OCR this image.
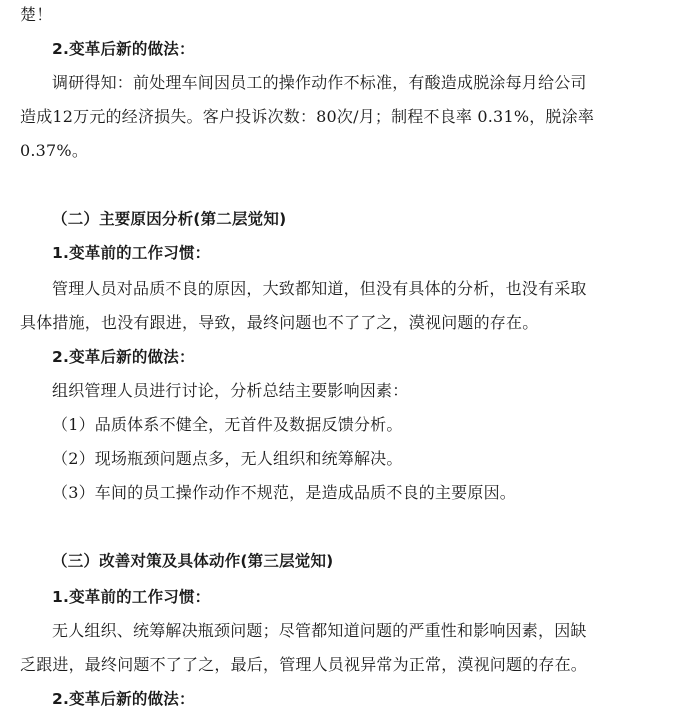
楚！
2.变革后新的做法：
调研得知：前处理车间因员工的操作动作不标准，有酸造成脱涂每月给公司
造成12万元的经济损失。客户投诉次数：80次/月；制程不良率 0.31%，脱涂率
0.37%。
（二）主要原因分析(第二层觉知)
1.变革前的工作习惯：
管理人员对品质不良的原因，大致都知道，但没有具体的分析，也没有采取
具体措施，也没有跟进，导致，最终问题也不了了之，漠视问题的存在。
2.变革后新的做法：
组织管理人员进行讨论，分析总结主要影响因素：
（1）品质体系不健全，无首件及数据反馈分析。
（2）现场瓶颈问题点多，无人组织和统筹解决。
（3）车间的员工操作动作不规范，是造成品质不良的主要原因。
（三）改善对策及具体动作(第三层觉知)
1.变革前的工作习惯：
无人组织、统筹解决瓶颈问题；尽管都知道问题的严重性和影响因素，因缺
乏跟进，最终问题不了了之，最后，管理人员视异常为正常，漠视问题的存在。
2.变革后新的做法：
